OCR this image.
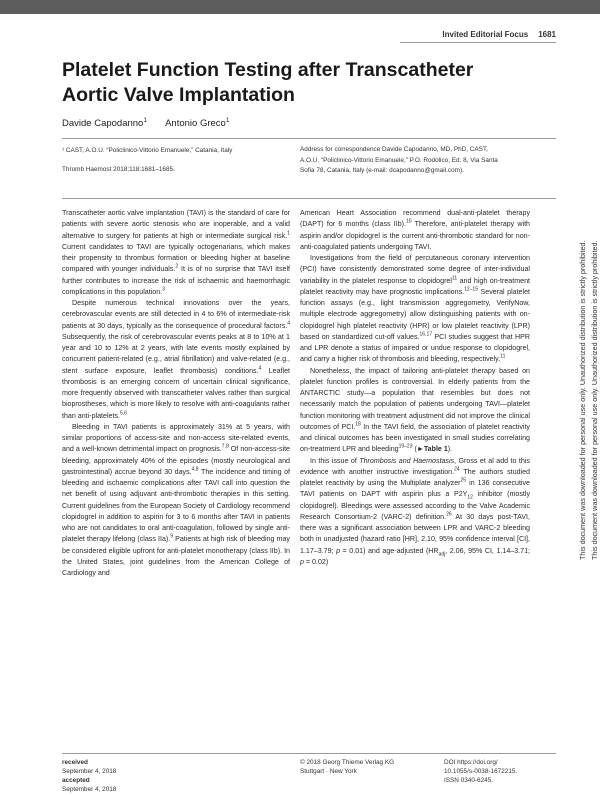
Invited Editorial Focus 1681
Platelet Function Testing after Transcatheter Aortic Valve Implantation
Davide Capodanno$^1$ Antonio Greco$^1$

¹ CAST, A.O.U. “Policlinico-Vittorio Emanuele,” Catania, Italy

Thromb Haemost 2018;118:1681–1685.

Address for correspondence Davide Capodanno, MD, PhD, CAST,

A.O.U. “Policlinico-Vittorio Emanuele,” P.O. Rodolico, Ed. 8, Via Santa

Sofia 78, Catania, Italy (e-mail: dcapodanno@gmail.com).

Transcatheter aortic valve implantation (TAVI) is the standard of care for patients with severe aortic stenosis who are inoperable, and a valid alternative to surgery for patients at high or intermediate surgical risk.$^1$ Current candidates to TAVI are typically octogenarians, which makes their propensity to thrombus formation or bleeding higher at baseline compared with younger individuals.$^2$ It is of no surprise that TAVI itself further contributes to increase the risk of ischaemic and haemorrhagic complications in this population.$^3$

Despite numerous technical innovations over the years, cerebrovascular events are still detected in 4 to 6% of intermediate-risk patients at 30 days, typically as the consequence of procedural factors.$^4$ Subsequently, the risk of cerebrovascular events peaks at 8 to 10% at 1 year and 10 to 12% at 2 years, with late events mostly explained by concurrent patient-related (e.g., atrial fibrillation) and valve-related (e.g., stent surface exposure, leaflet thrombosis) conditions.$^4$ Leaflet thrombosis is an emerging concern of uncertain clinical significance, more frequently observed with transcatheter valves rather than surgical bioprostheses, which is more likely to resolve with anti-coagulants rather than anti-platelets.$^{5,6}$

Bleeding in TAVI patients is approximately 31% at 5 years, with similar proportions of access-site and non-access site-related events, and a well-known detrimental impact on prognosis.$^{7,8}$ Of non-access-site bleeding, approximately 40% of the episodes (mostly neurological and gastrointestinal) accrue beyond 30 days.$^{4,8}$ The incidence and timing of bleeding and ischaemic complications after TAVI call into question the net benefit of using adjuvant anti-thrombotic therapies in this setting. Current guidelines from the European Society of Cardiology recommend clopidogrel in addition to aspirin for 3 to 6 months after TAVI in patients who are not candidates to oral anti-coagulation, followed by single anti-platelet therapy lifelong (class IIa).$^9$ Patients at high risk of bleeding may be considered eligible upfront for anti-platelet monotherapy (class IIb). In the United States, joint guidelines from the American College of Cardiology and

American Heart Association recommend dual-anti-platelet therapy (DAPT) for 6 months (class IIb).$^{10}$ Therefore, anti-platelet therapy with aspirin and/or clopidogrel is the current anti-thrombotic standard for non-anti-coagulated patients undergoing TAVI.

Investigations from the field of percutaneous coronary intervention (PCI) have consistently demonstrated some degree of inter-individual variability in the platelet response to clopidogrel$^{11}$ and high on-treatment platelet reactivity may have prognostic implications.$^{12-15}$ Several platelet function assays (e.g., light transmission aggregometry, VerifyNow, multiple electrode aggregometry) allow distinguishing patients with on-clopidogrel high platelet reactivity (HPR) or low platelet reactivity (LPR) based on standardized cut-off values.$^{16,17}$ PCI studies suggest that HPR and LPR denote a status of impaired or undue response to clopidogrel, and carry a higher risk of thrombosis and bleeding, respectively.$^{11}$

Nonetheless, the impact of tailoring anti-platelet therapy based on platelet function profiles is controversial. In elderly patients from the ANTARCTIC study—a population that resembles but does not necessarily match the population of patients undergoing TAVI—platelet function monitoring with treatment adjustment did not improve the clinical outcomes of PCI.$^{18}$ In the TAVI field, the association of platelet reactivity and clinical outcomes has been investigated in small studies correlating on-treatment LPR and bleeding$^{19-23}$ (►Table 1).

In this issue of Thrombosis and Haemostasis, Gross et al add to this evidence with another instructive investigation.$^{24}$ The authors studied platelet reactivity by using the Multiplate analyzer$^{25}$ in 136 consecutive TAVI patients on DAPT with aspirin plus a $P2Y_{12}$ inhibitor (mostly clopidogrel). Bleedings were assessed according to the Valve Academic Research Consortium-2 (VARC-2) definition.$^{26}$ At 30 days post-TAVI, there was a significant association between LPR and VARC-2 bleeding both in unadjusted (hazard ratio [HR], 2.10, 95% confidence interval [CI], 1.17–3.79; p = 0.01) and age-adjusted ($HR_{adj}$, 2.06, 95% CI, 1.14–3.71; p = 0.02)

received
September 4, 2018
accepted
September 4, 2018
© 2018 Georg Thieme Verlag KG
Stuttgart · New York
DOI https://doi.org/
10.1055/s-0038-1672215.
ISSN 0340-6245.
This document was downloaded for personal use only. Unauthorized distribution is strictly prohibited. This document was downloaded for personal use only. Unauthorized distribution is strictly prohibited.
